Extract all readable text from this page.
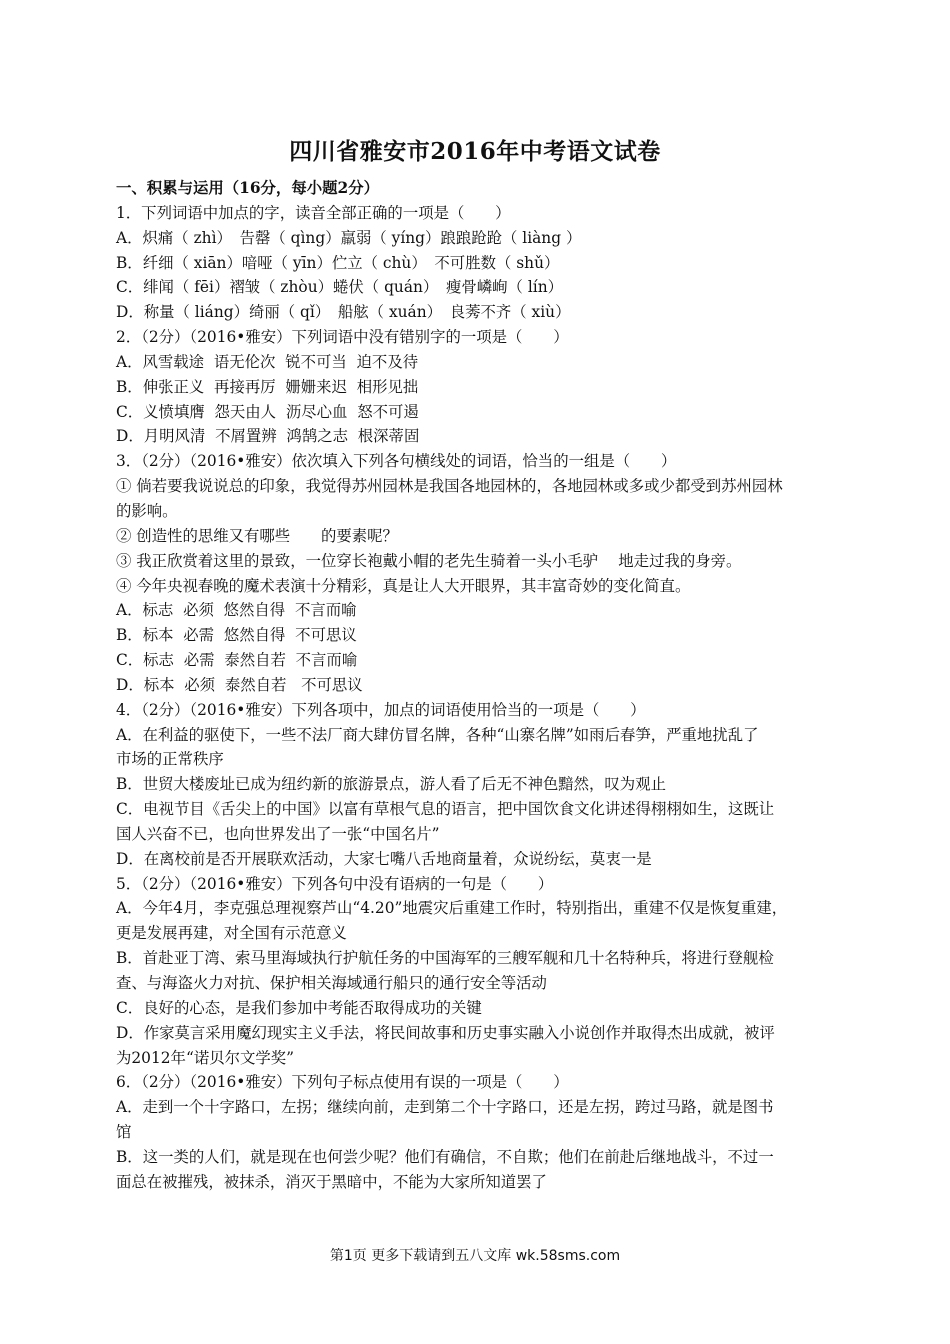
四川省雅安市2016年中考语文试卷
一、积累与运用（16分，每小题2分）
1．下列词语中加点的字，读音全部正确的一项是（　　）
A．炽痛（ zhì）　告罄（ qìng）羸弱（ yíng）踉踉跄跄（ liàng ）
B．纤细（ xiān）喑哑（ yīn）伫立（ chù）　不可胜数（ shǔ）
C．绯闻（ fēi）褶皱（ zhòu）蜷伏（ quán）　瘦骨嶙峋（ lín）
D．称量（ liáng）绮丽（ qǐ）　船舷（ xuán）　良莠不齐（ xiù）
2．（2分）（2016•雅安）下列词语中没有错别字的一项是（　　）
A．风雪载途  语无伦次  锐不可当  迫不及待
B．伸张正义  再接再厉  姗姗来迟  相形见拙
C．义愤填膺  怨天由人  沥尽心血  怒不可遏
D．月明风清  不屑置辨  鸿鹄之志  根深蒂固
3．（2分）（2016•雅安）依次填入下列各句横线处的词语，恰当的一组是（　　）
① 倘若要我说说总的印象，我觉得苏州园林是我国各地园林的，各地园林或多或少都受到苏州园林
的影响。
② 创造性的思维又有哪些　　的要素呢？
③ 我正欣赏着这里的景致，一位穿长袍戴小帽的老先生骑着一头小毛驴　 地走过我的身旁。
④ 今年央视春晚的魔术表演十分精彩，真是让人大开眼界，其丰富奇妙的变化简直。
A．标志  必须  悠然自得  不言而喻
B．标本  必需  悠然自得  不可思议
C．标志  必需  泰然自若  不言而喻
D．标本  必须  泰然自若   不可思议
4．（2分）（2016•雅安）下列各项中，加点的词语使用恰当的一项是（　　）
A．在利益的驱使下，一些不法厂商大肆仿冒名牌，各种“山寨名牌”如雨后春笋，严重地扰乱了
市场的正常秩序
B．世贸大楼废址已成为纽约新的旅游景点，游人看了后无不神色黯然，叹为观止
C．电视节目《舌尖上的中国》以富有草根气息的语言，把中国饮食文化讲述得栩栩如生，这既让
国人兴奋不已，也向世界发出了一张“中国名片”
D．在离校前是否开展联欢活动，大家七嘴八舌地商量着，众说纷纭，莫衷一是
5．（2分）（2016•雅安）下列各句中没有语病的一句是（　　）
A．今年4月，李克强总理视察芦山“4.20”地震灾后重建工作时，特别指出，重建不仅是恢复重建，
更是发展再建，对全国有示范意义
B．首赴亚丁湾、索马里海域执行护航任务的中国海军的三艘军舰和几十名特种兵，将进行登舰检
查、与海盗火力对抗、保护相关海域通行船只的通行安全等活动
C．良好的心态，是我们参加中考能否取得成功的关键
D．作家莫言采用魔幻现实主义手法，将民间故事和历史事实融入小说创作并取得杰出成就，被评
为2012年“诺贝尔文学奖”
6．（2分）（2016•雅安）下列句子标点使用有误的一项是（　　）
A．走到一个十字路口，左拐；继续向前，走到第二个十字路口，还是左拐，跨过马路，就是图书
馆
B．这一类的人们，就是现在也何尝少呢？他们有确信，不自欺；他们在前赴后继地战斗，不过一
面总在被摧残，被抹杀，消灭于黑暗中，不能为大家所知道罢了
第1页 更多下载请到五八文库 wk.58sms.com
